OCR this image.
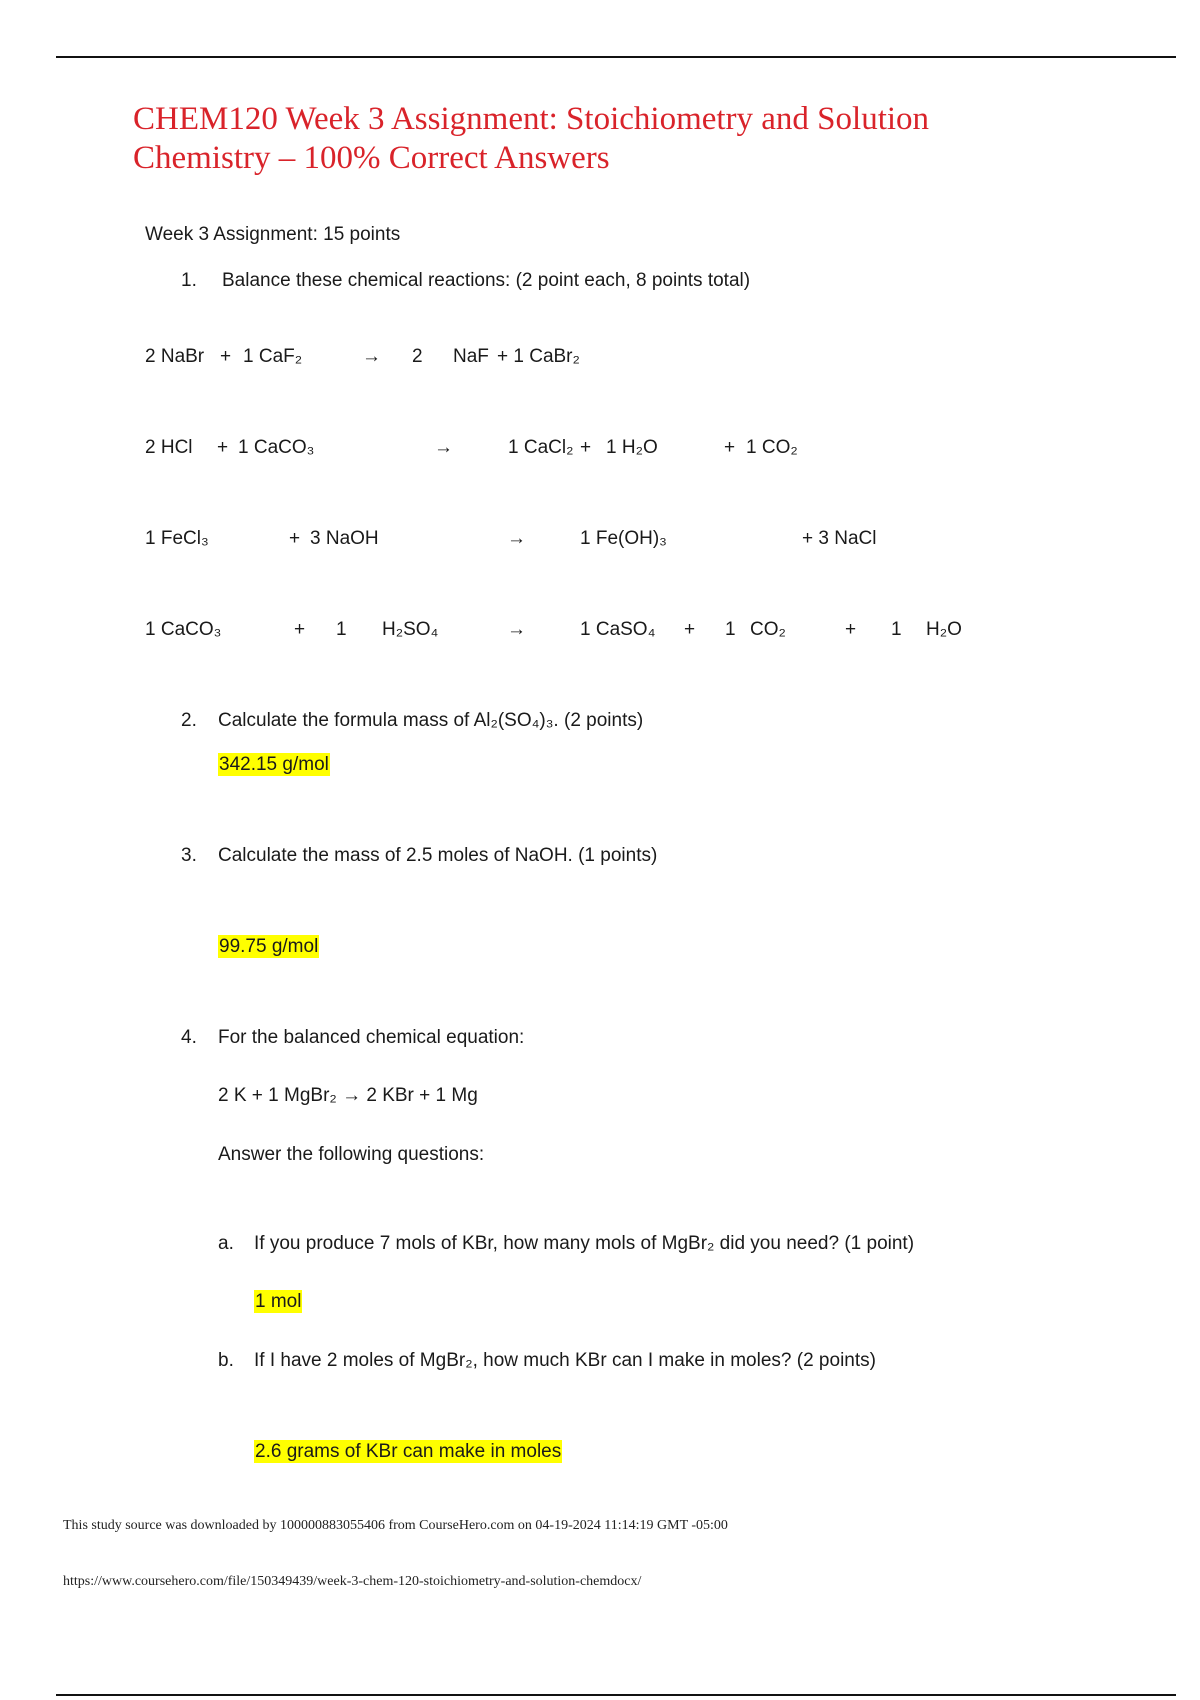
CHEM120 Week 3 Assignment: Stoichiometry and Solution Chemistry – 100% Correct Answers
Week 3 Assignment: 15 points
1. Balance these chemical reactions: (2 point each, 8 points total)
2 NaBr + 1 CaF₂	→ 2 NaF + 1 CaBr₂
2 HCl + 1 CaCO₃	→	1 CaCl₂ + 1 H₂O	+ 1 CO₂
1 FeCl₃	+ 3 NaOH	→	1 Fe(OH)₃	+ 3 NaCl
1 CaCO₃	+ 1 H₂SO₄	→	1 CaSO₄ + 1 CO₂	+ 1 H₂O
2. Calculate the formula mass of Al₂(SO₄)₃. (2 points)
342.15 g/mol
3. Calculate the mass of 2.5 moles of NaOH. (1 points)
99.75 g/mol
4. For the balanced chemical equation:
2 K + 1 MgBr₂ → 2 KBr + 1 Mg
Answer the following questions:
a. If you produce 7 mols of KBr, how many mols of MgBr₂ did you need? (1 point)
1 mol
b. If I have 2 moles of MgBr₂, how much KBr can I make in moles? (2 points)
2.6 grams of KBr can make in moles
This study source was downloaded by 100000883055406 from CourseHero.com on 04-19-2024 11:14:19 GMT -05:00
https://www.coursehero.com/file/150349439/week-3-chem-120-stoichiometry-and-solution-chemdocx/
